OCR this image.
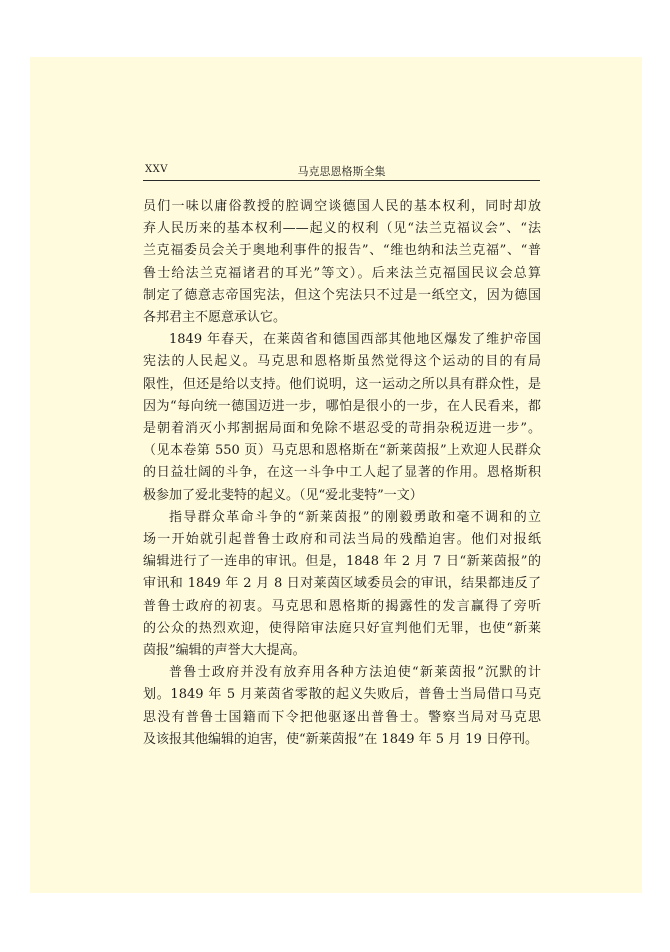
XXV	马克思恩格斯全集
员们一味以庸俗教授的腔调空谈德国人民的基本权利，同时却放
弃人民历来的基本权利——起义的权利（见“法兰克福议会”、“法
兰克福委员会关于奥地利事件的报告”、“维也纳和法兰克福”、“普
鲁士给法兰克福诸君的耳光”等文）。后来法兰克福国民议会总算
制定了德意志帝国宪法，但这个宪法只不过是一纸空文，因为德国
各邦君主不愿意承认它。
1849 年春天，在莱茵省和德国西部其他地区爆发了维护帝国
宪法的人民起义。马克思和恩格斯虽然觉得这个运动的目的有局
限性，但还是给以支持。他们说明，这一运动之所以具有群众性，是
因为“每向统一德国迈进一步，哪怕是很小的一步，在人民看来，都
是朝着消灭小邦割据局面和免除不堪忍受的苛捐杂税迈进一步”。
（见本卷第 550 页）马克思和恩格斯在“新莱茵报”上欢迎人民群众
的日益壮阔的斗争，在这一斗争中工人起了显著的作用。恩格斯积
极参加了爱北斐特的起义。（见“爱北斐特”一文）
指导群众革命斗争的“新莱茵报”的刚毅勇敢和毫不调和的立
场一开始就引起普鲁士政府和司法当局的残酷迫害。他们对报纸
编辑进行了一连串的审讯。但是，1848 年 2 月 7 日“新莱茵报”的
审讯和 1849 年 2 月 8 日对莱茵区域委员会的审讯，结果都违反了
普鲁士政府的初衷。马克思和恩格斯的揭露性的发言赢得了旁听
的公众的热烈欢迎，使得陪审法庭只好宣判他们无罪，也使“新莱
茵报”编辑的声誉大大提高。
普鲁士政府并没有放弃用各种方法迫使“新莱茵报”沉默的计
划。1849 年 5 月莱茵省零散的起义失败后，普鲁士当局借口马克
思没有普鲁士国籍而下令把他驱逐出普鲁士。警察当局对马克思
及该报其他编辑的迫害，使“新莱茵报”在 1849 年 5 月 19 日停刊。
